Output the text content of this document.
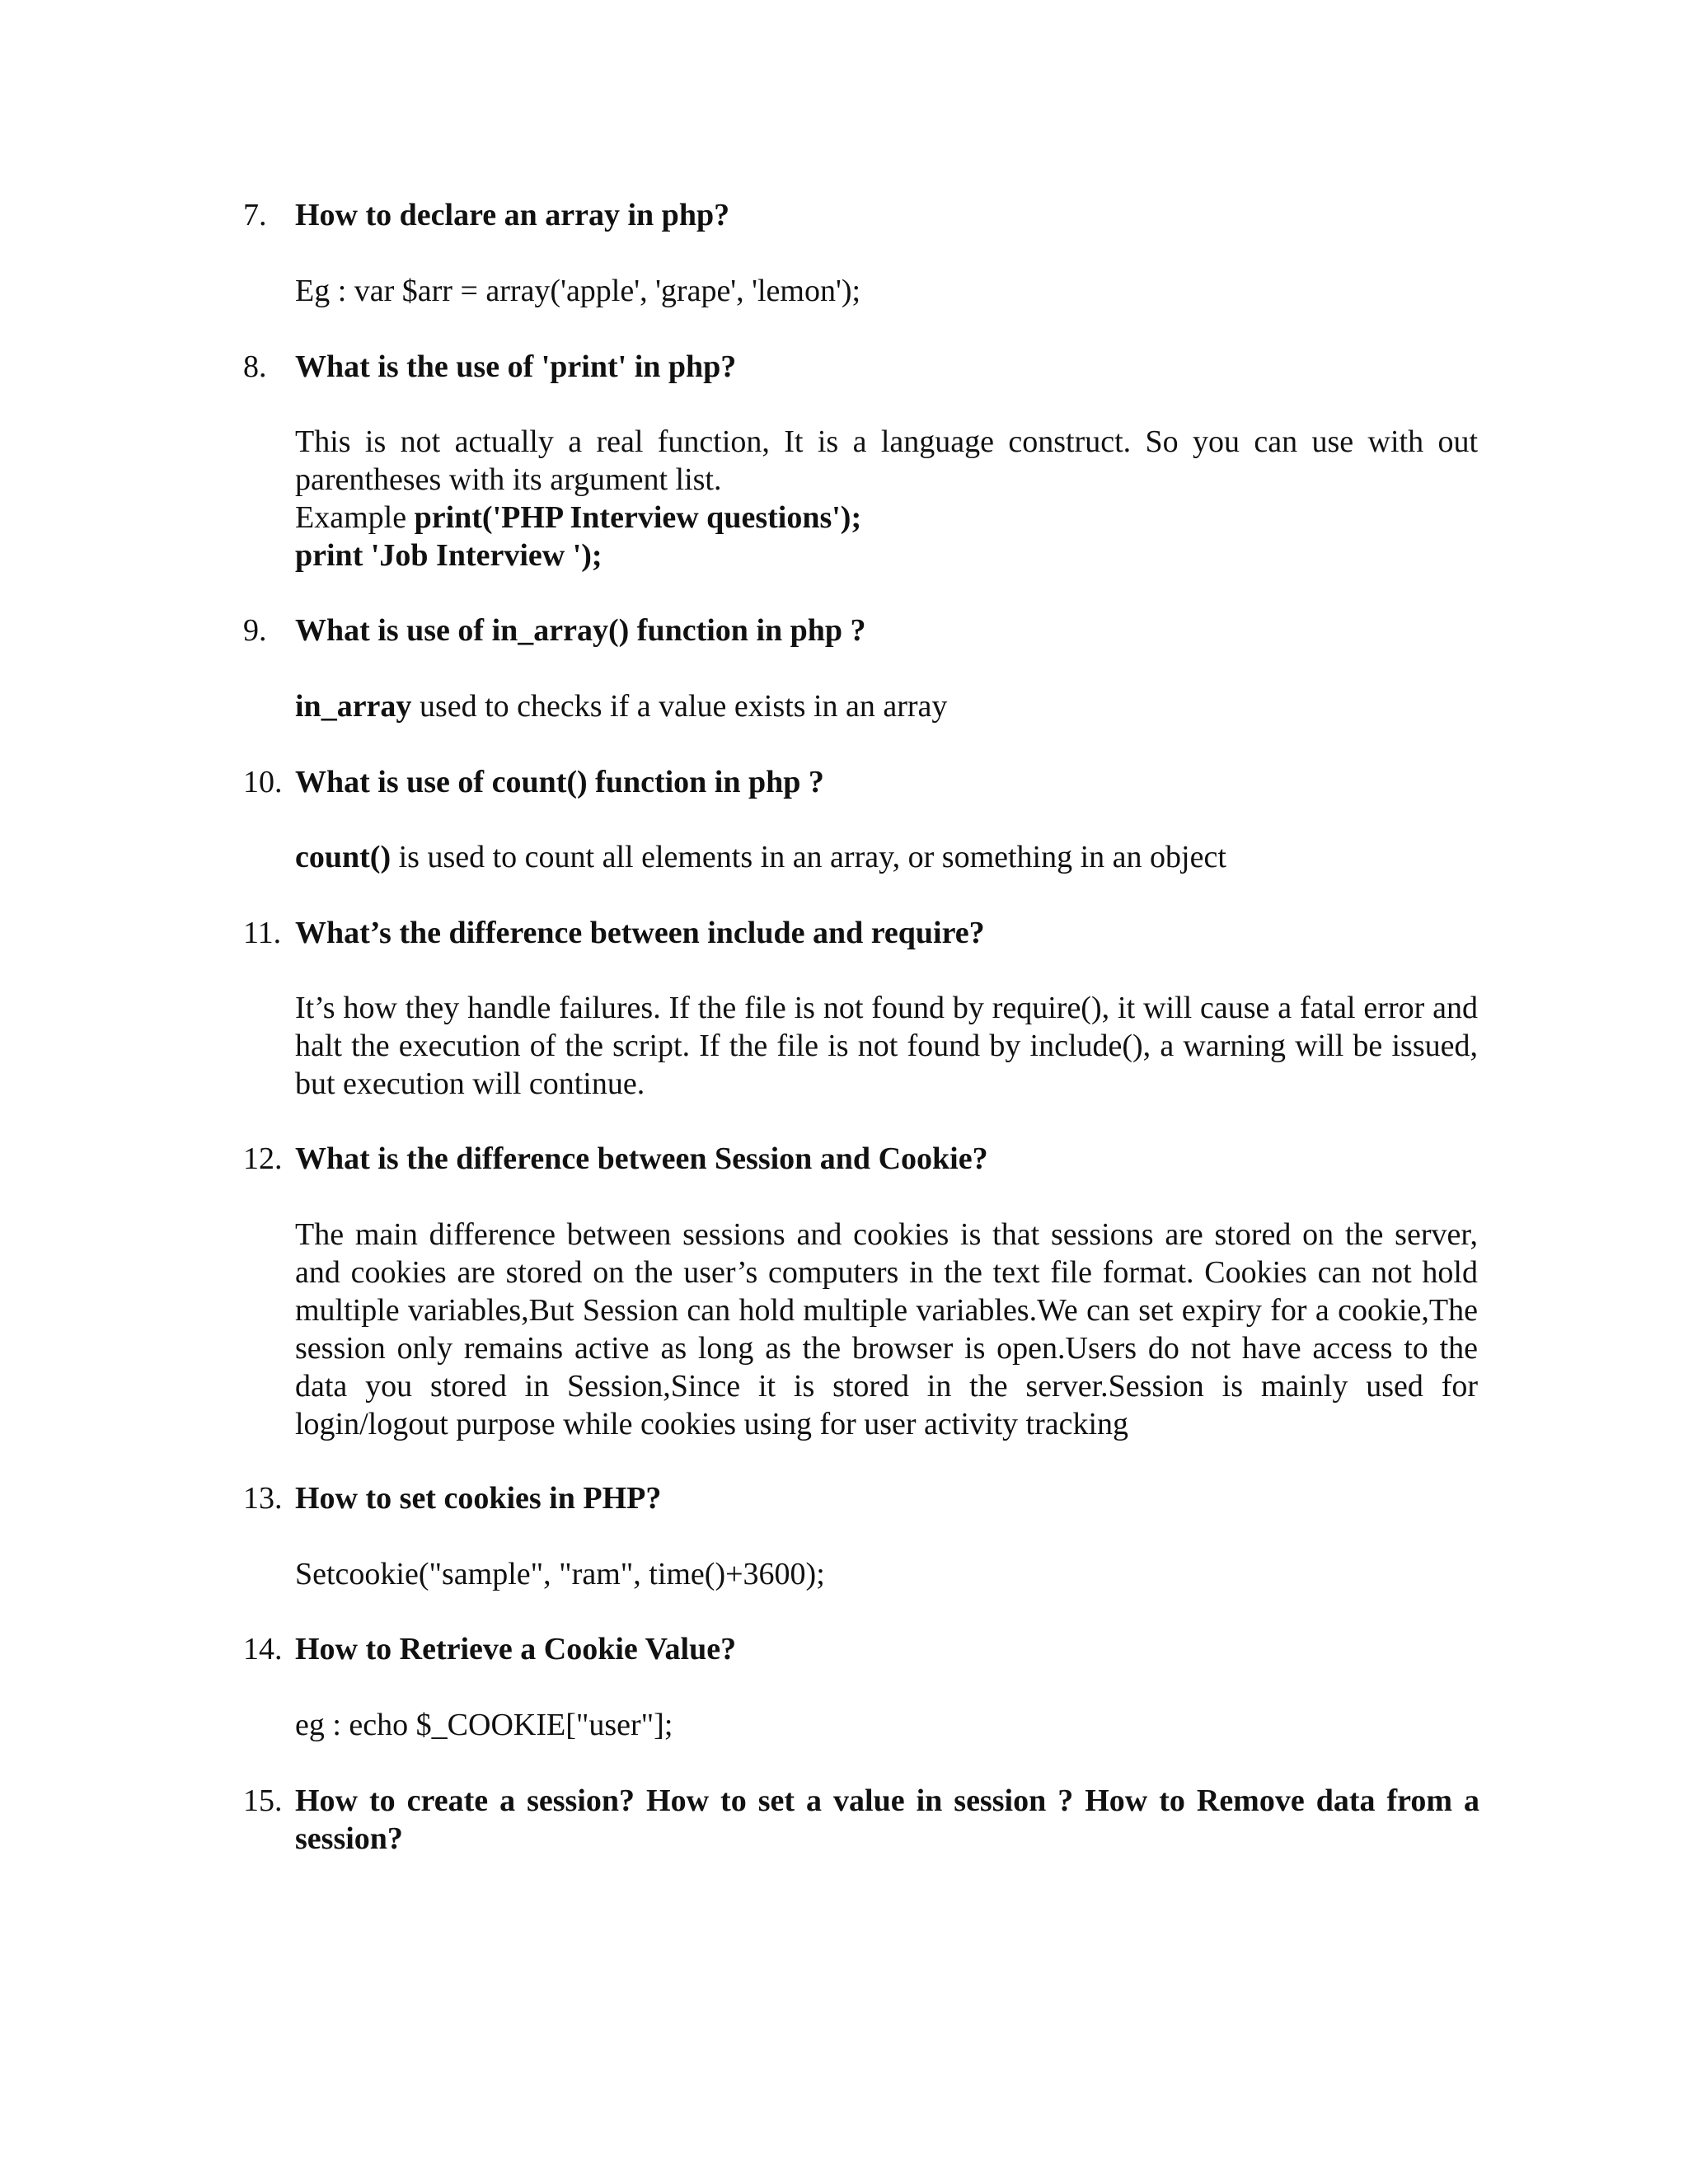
7. How to declare an array in php?
Eg : var $arr = array('apple', 'grape', 'lemon');
8. What is the use of 'print' in php?
This is not actually a real function, It is a language construct. So you can use with out parentheses with its argument list.
Example print('PHP Interview questions');
print 'Job Interview ');
9. What is use of in_array() function in php ?
in_array used to checks if a value exists in an array
10. What is use of count() function in php ?
count() is used to count all elements in an array, or something in an object
11. What’s the difference between include and require?
It’s how they handle failures. If the file is not found by require(), it will cause a fatal error and halt the execution of the script. If the file is not found by include(), a warning will be issued, but execution will continue.
12. What is the difference between Session and Cookie?
The main difference between sessions and cookies is that sessions are stored on the server, and cookies are stored on the user’s computers in the text file format. Cookies can not hold multiple variables,But Session can hold multiple variables.We can set expiry for a cookie,The session only remains active as long as the browser is open.Users do not have access to the data you stored in Session,Since it is stored in the server.Session is mainly used for login/logout purpose while cookies using for user activity tracking
13. How to set cookies in PHP?
Setcookie("sample", "ram", time()+3600);
14. How to Retrieve a Cookie Value?
eg : echo $_COOKIE["user"];
15. How to create a session? How to set a value in session ? How to Remove data from a session?
